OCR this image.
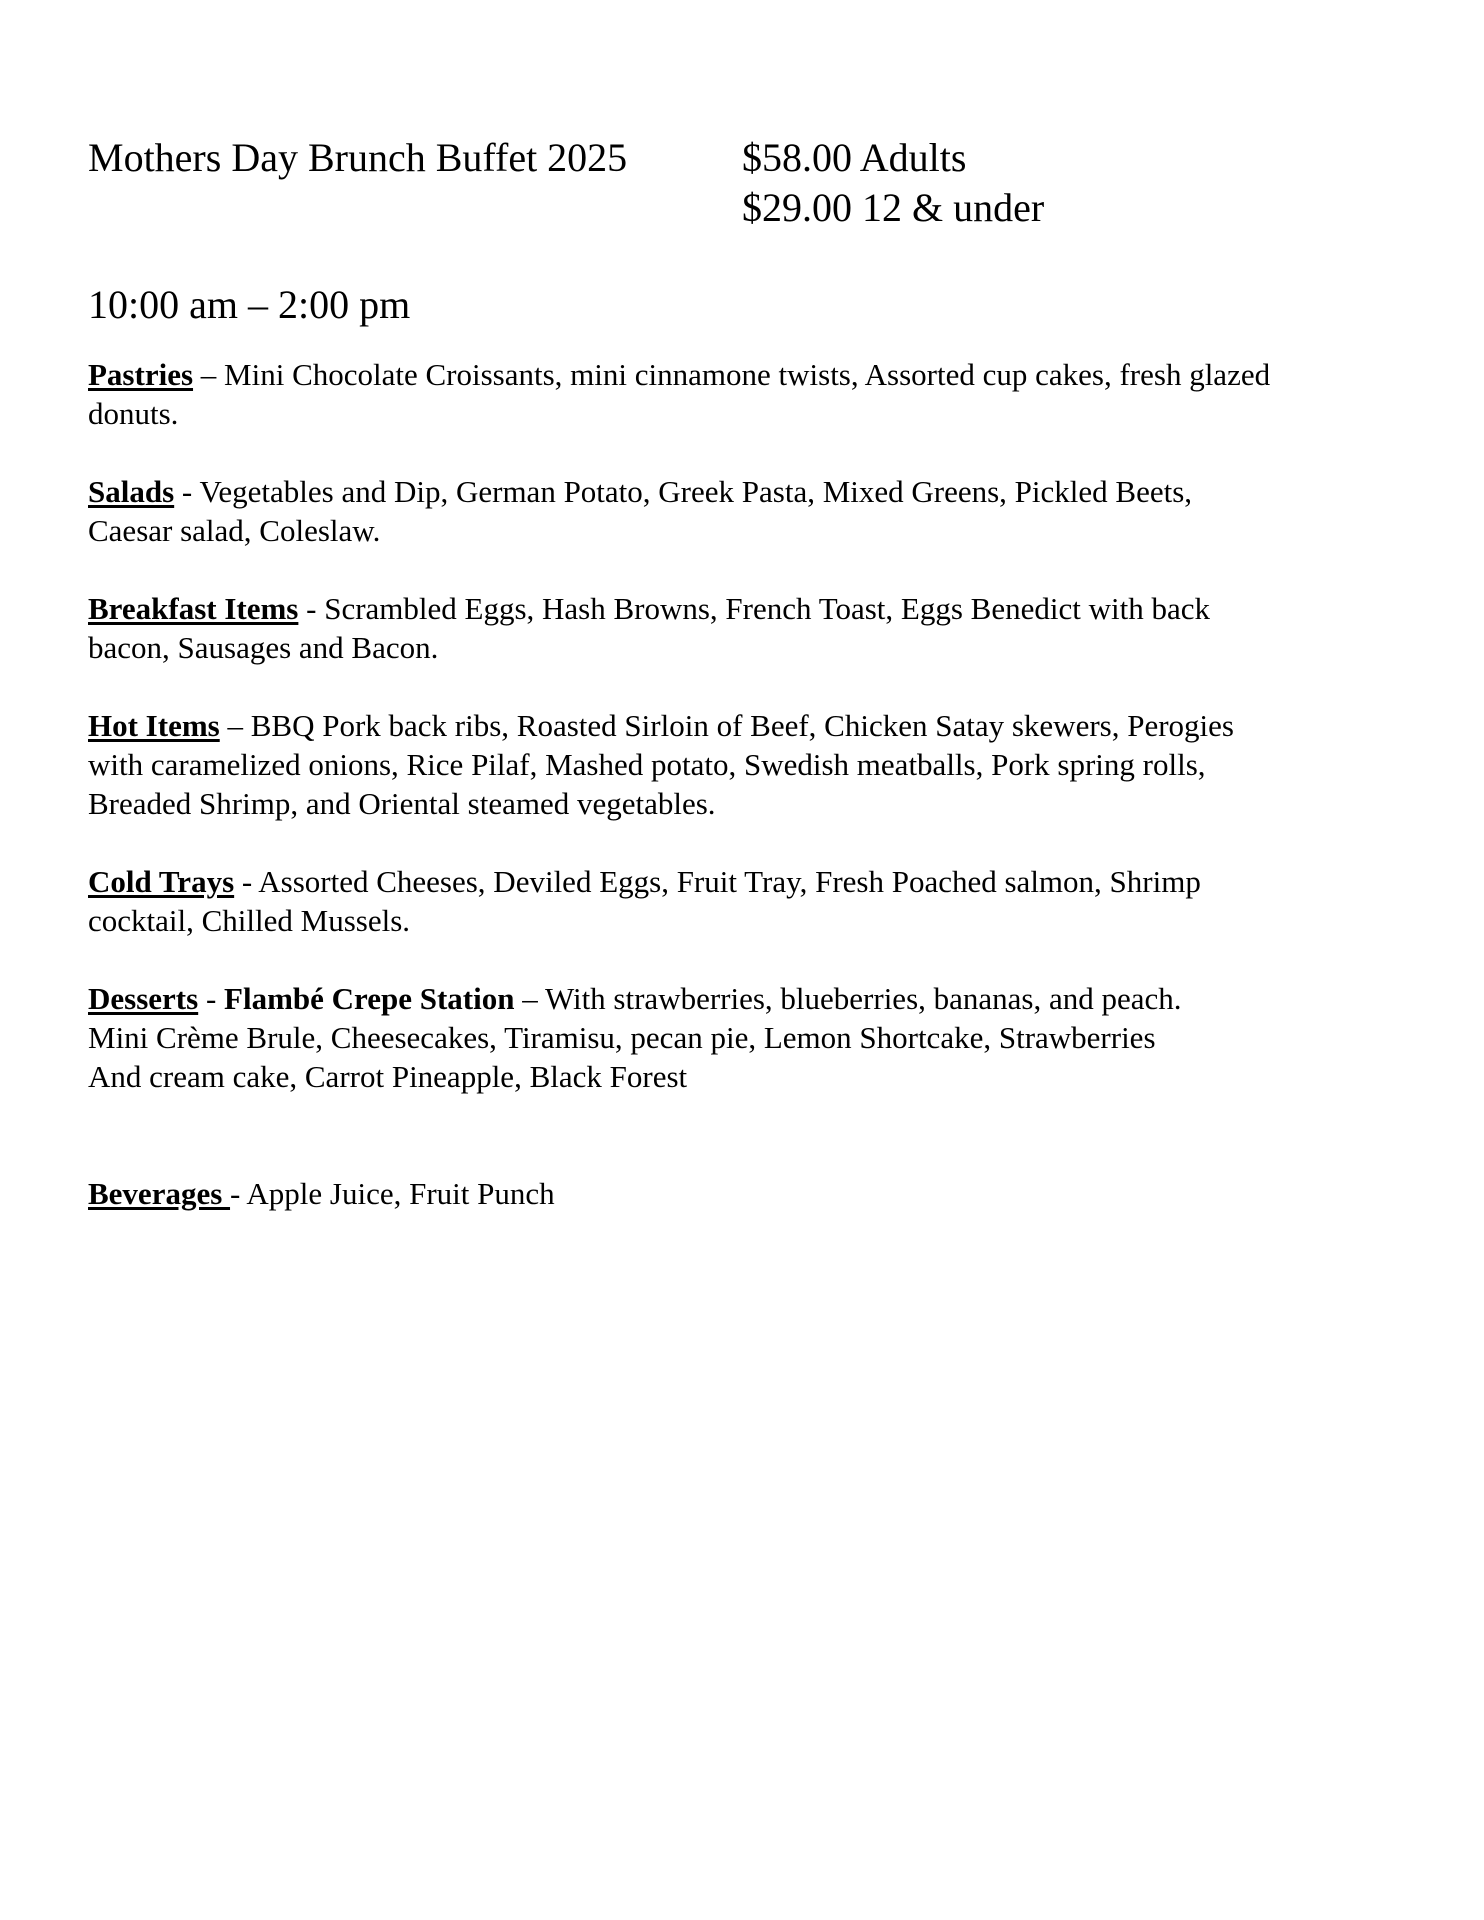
Mothers Day Brunch Buffet 2025	$58.00 Adults
$29.00 12 & under
10:00 am – 2:00 pm
Pastries – Mini Chocolate Croissants, mini cinnamone twists, Assorted cup cakes, fresh glazed
donuts.
Salads - Vegetables and Dip, German Potato, Greek Pasta, Mixed Greens, Pickled Beets,
Caesar salad, Coleslaw.
Breakfast Items - Scrambled Eggs, Hash Browns, French Toast, Eggs Benedict with back
bacon, Sausages and Bacon.
Hot Items – BBQ Pork back ribs, Roasted Sirloin of Beef, Chicken Satay skewers, Perogies
with caramelized onions, Rice Pilaf, Mashed potato, Swedish meatballs, Pork spring rolls,
Breaded Shrimp, and Oriental steamed vegetables.
Cold Trays - Assorted Cheeses, Deviled Eggs, Fruit Tray, Fresh Poached salmon, Shrimp
cocktail, Chilled Mussels.
Desserts - Flambé Crepe Station – With strawberries, blueberries, bananas, and peach.
Mini Crème Brule, Cheesecakes, Tiramisu, pecan pie, Lemon Shortcake, Strawberries
And cream cake, Carrot Pineapple, Black Forest
Beverages - Apple Juice, Fruit Punch
